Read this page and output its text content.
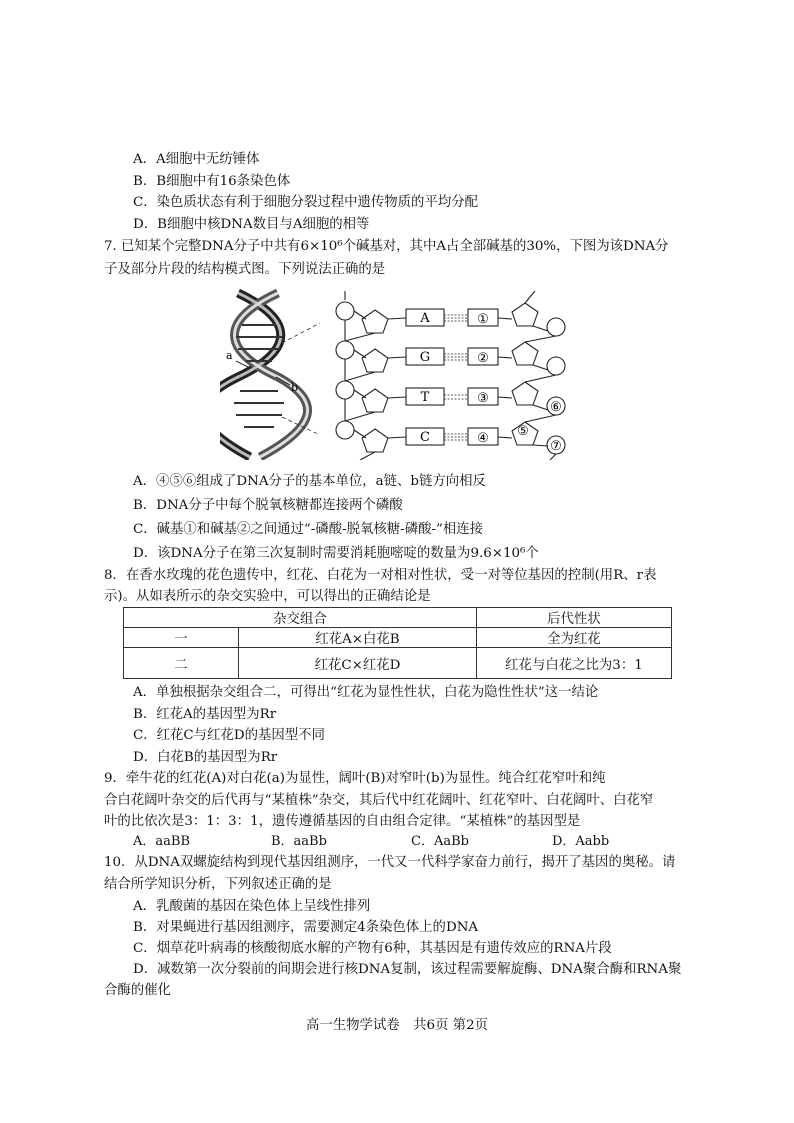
A．A细胞中无纺锤体
B．B细胞中有16条染色体
C．染色质状态有利于细胞分裂过程中遗传物质的平均分配
D．B细胞中核DNA数目与A细胞的相等
7. 已知某个完整DNA分子中共有6×10⁶个碱基对，其中A占全部碱基的30%，下图为该DNA分
子及部分片段的结构模式图。下列说法正确的是
a
b
A
G
T
C
①
②
③
④ ⑤
⑥
⑦
A．④⑤⑥组成了DNA分子的基本单位，a链、b链方向相反
B．DNA分子中每个脱氧核糖都连接两个磷酸
C．碱基①和碱基②之间通过“-磷酸-脱氧核糖-磷酸-”相连接
D．该DNA分子在第三次复制时需要消耗胞嘧啶的数量为9.6×10⁶个
8．在香水玫瑰的花色遗传中，红花、白花为一对相对性状，受一对等位基因的控制(用R、r表
示)。从如表所示的杂交实验中，可以得出的正确结论是
杂交组合		后代性状
一	红花A×白花B	全为红花
二	红花C×红花D	红花与白花之比为3：1
A．单独根据杂交组合二，可得出“红花为显性性状，白花为隐性性状”这一结论
B．红花A的基因型为Rr
C．红花C与红花D的基因型不同
D．白花B的基因型为Rr
9．牵牛花的红花(A)对白花(a)为显性，阔叶(B)对窄叶(b)为显性。纯合红花窄叶和纯
合白花阔叶杂交的后代再与“某植株”杂交，其后代中红花阔叶、红花窄叶、白花阔叶、白花窄
叶的比依次是3：1：3：1，遗传遵循基因的自由组合定律。“某植株”的基因型是
A．aaBB	B．aaBb	C．AaBb	D．Aabb
10．从DNA双螺旋结构到现代基因组测序，一代又一代科学家奋力前行，揭开了基因的奥秘。请
结合所学知识分析，下列叙述正确的是
A．乳酸菌的基因在染色体上呈线性排列
B．对果蝇进行基因组测序，需要测定4条染色体上的DNA
C．烟草花叶病毒的核酸彻底水解的产物有6种，其基因是有遗传效应的RNA片段
D．减数第一次分裂前的间期会进行核DNA复制，该过程需要解旋酶、DNA聚合酶和RNA聚
合酶的催化
高一生物学试卷　共6页 第2页
